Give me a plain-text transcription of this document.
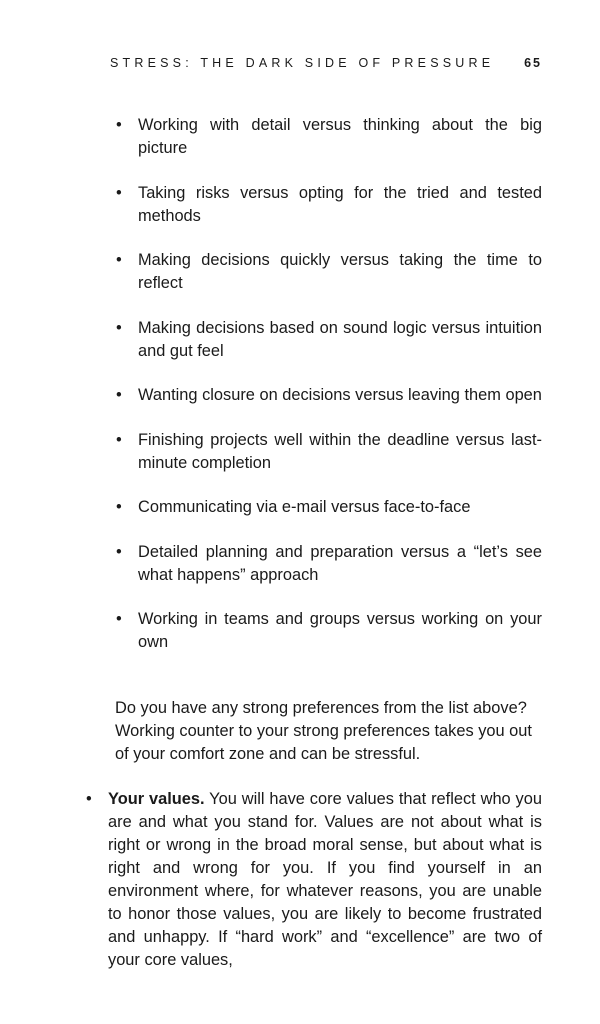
STRESS: THE DARK SIDE OF PRESSURE 65
• Working with detail versus thinking about the big picture
• Taking risks versus opting for the tried and tested methods
• Making decisions quickly versus taking the time to reflect
• Making decisions based on sound logic versus intuition and gut feel
• Wanting closure on decisions versus leaving them open
• Finishing projects well within the deadline versus last-minute completion
• Communicating via e-mail versus face-to-face
• Detailed planning and preparation versus a “let’s see what happens” approach
• Working in teams and groups versus working on your own

Do you have any strong preferences from the list above? Working counter to your strong preferences takes you out of your comfort zone and can be stressful.

• Your values. You will have core values that reflect who you are and what you stand for. Values are not about what is right or wrong in the broad moral sense, but about what is right and wrong for you. If you find yourself in an environment where, for whatever reasons, you are unable to honor those values, you are likely to become frustrated and unhappy. If “hard work” and “excellence” are two of your core values,
